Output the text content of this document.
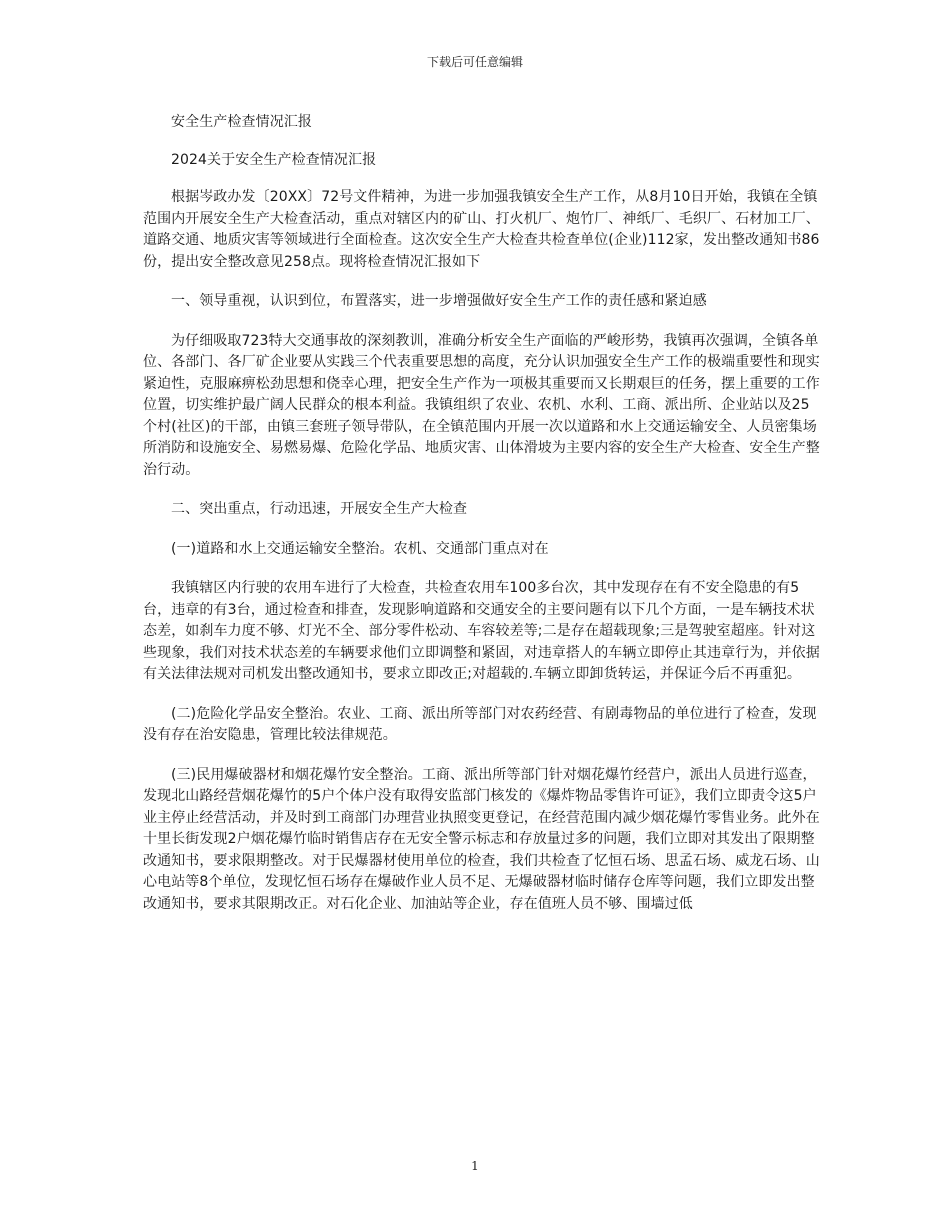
下载后可任意编辑

安全生产检查情况汇报

2024关于安全生产检查情况汇报

根据岑政办发〔20XX〕72号文件精神，为进一步加强我镇安全生产工作，从8月10日开始，我镇在全镇范围内开展安全生产大检查活动，重点对辖区内的矿山、打火机厂、炮竹厂、神纸厂、毛织厂、石材加工厂、道路交通、地质灾害等领域进行全面检查。这次安全生产大检查共检查单位(企业)112家，发出整改通知书86份，提出安全整改意见258点。现将检查情况汇报如下

一、领导重视，认识到位，布置落实，进一步增强做好安全生产工作的责任感和紧迫感

为仔细吸取723特大交通事故的深刻教训，准确分析安全生产面临的严峻形势，我镇再次强调，全镇各单位、各部门、各厂矿企业要从实践三个代表重要思想的高度，充分认识加强安全生产工作的极端重要性和现实紧迫性，克服麻痹松劲思想和侥幸心理，把安全生产作为一项极其重要而又长期艰巨的任务，摆上重要的工作位置，切实维护最广阔人民群众的根本利益。我镇组织了农业、农机、水利、工商、派出所、企业站以及25个村(社区)的干部，由镇三套班子领导带队，在全镇范围内开展一次以道路和水上交通运输安全、人员密集场所消防和设施安全、易燃易爆、危险化学品、地质灾害、山体滑坡为主要内容的安全生产大检查、安全生产整治行动。

二、突出重点，行动迅速，开展安全生产大检查

(一)道路和水上交通运输安全整治。农机、交通部门重点对在

我镇辖区内行驶的农用车进行了大检查，共检查农用车100多台次，其中发现存在有不安全隐患的有5台，违章的有3台，通过检查和排查，发现影响道路和交通安全的主要问题有以下几个方面，一是车辆技术状态差，如刹车力度不够、灯光不全、部分零件松动、车容较差等;二是存在超载现象;三是驾驶室超座。针对这些现象，我们对技术状态差的车辆要求他们立即调整和紧固，对违章搭人的车辆立即停止其违章行为，并依据有关法律法规对司机发出整改通知书，要求立即改正;对超载的.车辆立即卸货转运，并保证今后不再重犯。

(二)危险化学品安全整治。农业、工商、派出所等部门对农药经营、有剧毒物品的单位进行了检查，发现没有存在治安隐患，管理比较法律规范。

(三)民用爆破器材和烟花爆竹安全整治。工商、派出所等部门针对烟花爆竹经营户，派出人员进行巡查，发现北山路经营烟花爆竹的5户个体户没有取得安监部门核发的《爆炸物品零售许可证》，我们立即责令这5户业主停止经营活动，并及时到工商部门办理营业执照变更登记，在经营范围内减少烟花爆竹零售业务。此外在十里长街发现2户烟花爆竹临时销售店存在无安全警示标志和存放量过多的问题，我们立即对其发出了限期整改通知书，要求限期整改。对于民爆器材使用单位的检查，我们共检查了忆恒石场、思孟石场、威龙石场、山心电站等8个单位，发现忆恒石场存在爆破作业人员不足、无爆破器材临时储存仓库等问题，我们立即发出整改通知书，要求其限期改正。对石化企业、加油站等企业，存在值班人员不够、围墙过低

1
